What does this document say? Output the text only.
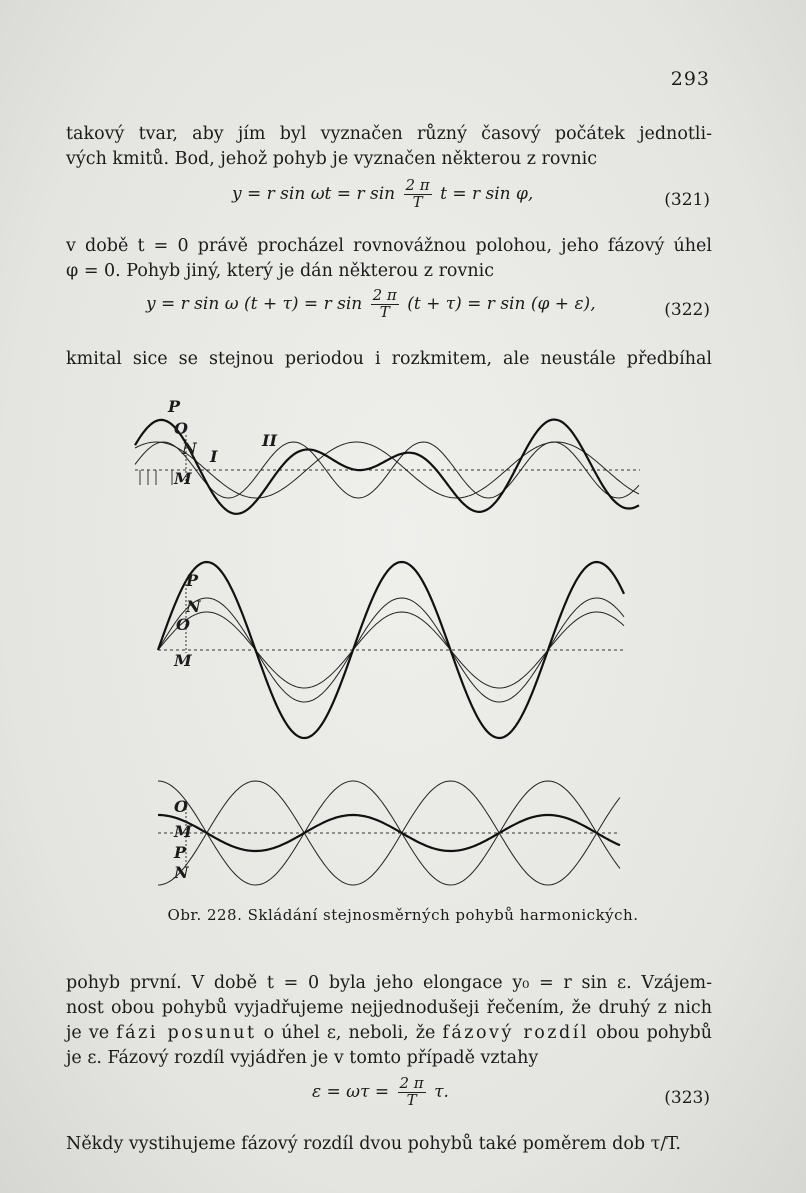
293
takový tvar, aby jím byl vyznačen různý časový počátek jednotli-
vých kmitů. Bod, jehož pohyb je vyznačen některou z rovnic
y = r sin ωt = r $\sin \frac{2 \pi}{T}$ t = r sin φ,	(321)
v době t = 0 právě procházel rovnovážnou polohou, jeho fázový úhel
φ = 0. Pohyb jiný, který je dán některou z rovnic
y = r sin ω (t + τ) = r $\sin \frac{2 \pi}{T} (t + \tau) = r$ sin (φ + ε),	(322)
kmital sice se stejnou periodou i rozkmitem, ale neustále předbíhal
P
O
N I
II
M
P
N
O
M
O
M
P
N
Obr. 228. Skládání stejnosměrných pohybů harmonických.
pohyb první. V době t = 0 byla jeho elongace y₀ = r sin ε. Vzájem-
nost obou pohybů vyjadřujeme nejjednodušeji řečením, že druhý z nich
je ve fázi posunut o úhel ε, neboli, že fázový rozdíl obou pohybů
je ε. Fázový rozdíl vyjádřen je v tomto případě vztahy
$\varepsilon = \omega\tau = \frac{2 \pi}{T} \tau$.	(323)
Někdy vystihujeme fázový rozdíl dvou pohybů také poměrem dob τ/T.
